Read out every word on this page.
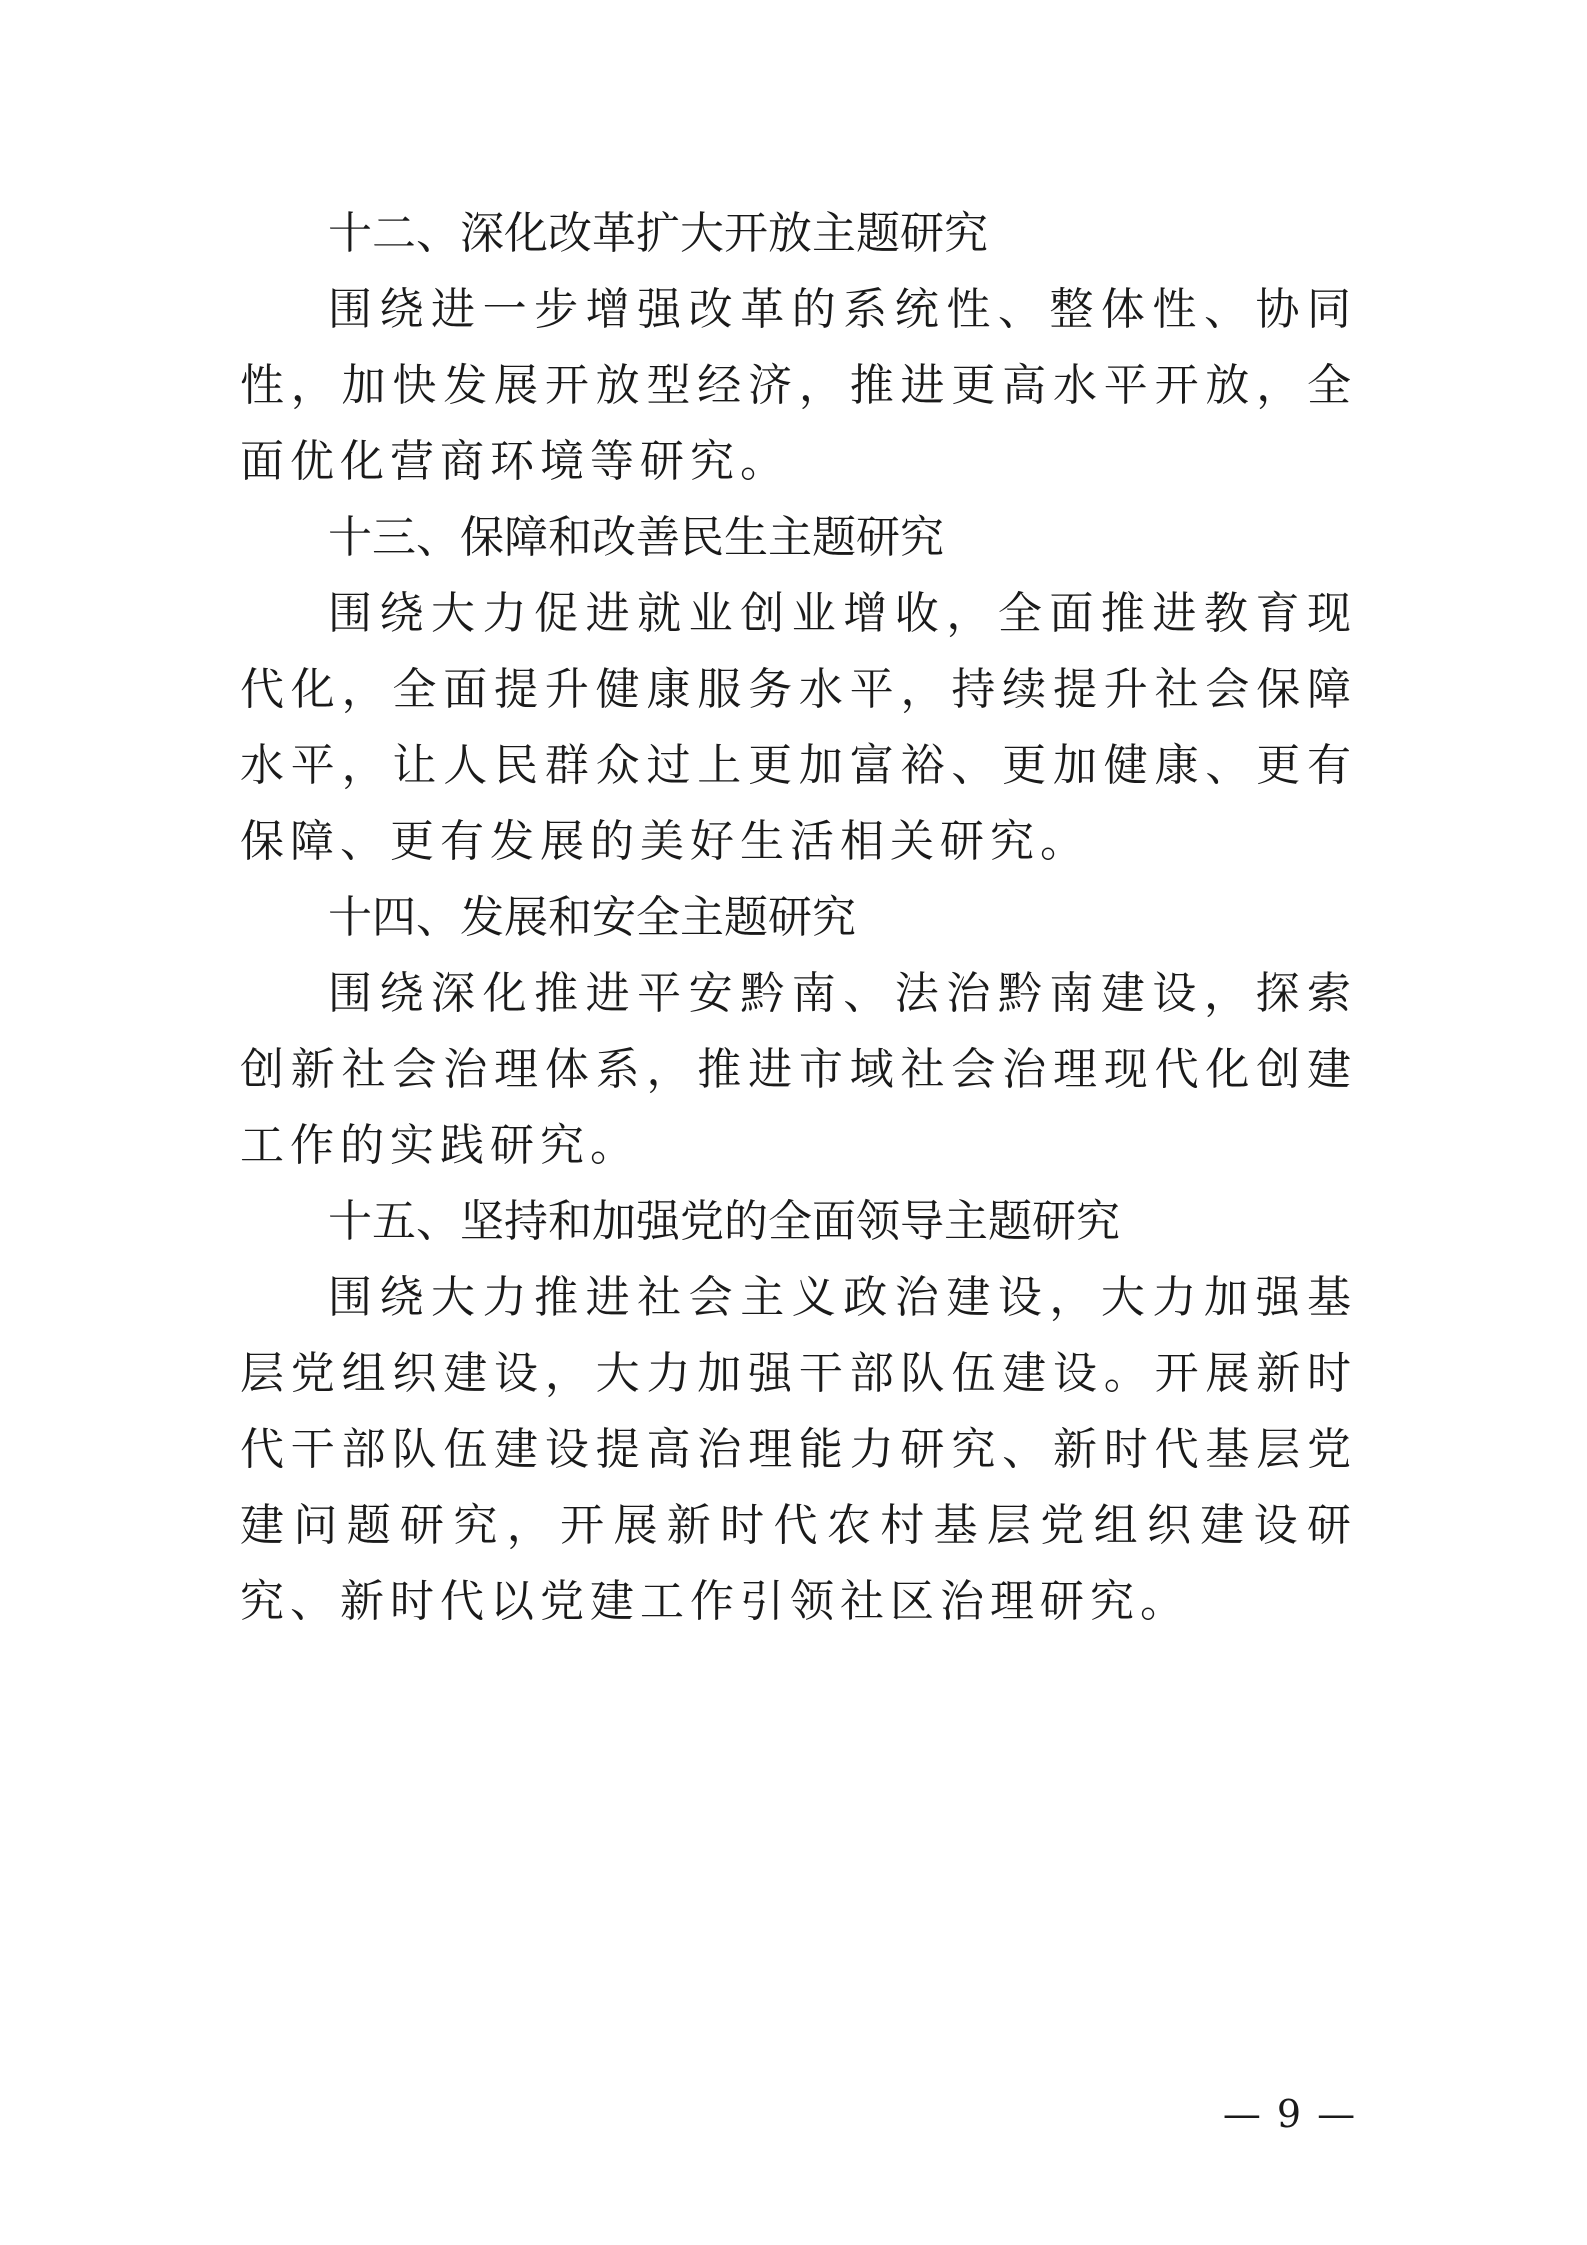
十二、深化改革扩大开放主题研究

围绕进一步增强改革的系统性、整体性、协同性，加快发展开放型经济，推进更高水平开放，全面优化营商环境等研究。

十三、保障和改善民生主题研究

围绕大力促进就业创业增收，全面推进教育现代化，全面提升健康服务水平，持续提升社会保障水平，让人民群众过上更加富裕、更加健康、更有保障、更有发展的美好生活相关研究。

十四、发展和安全主题研究

围绕深化推进平安黔南、法治黔南建设，探索创新社会治理体系，推进市域社会治理现代化创建工作的实践研究。

十五、坚持和加强党的全面领导主题研究

围绕大力推进社会主义政治建设，大力加强基层党组织建设，大力加强干部队伍建设。开展新时代干部队伍建设提高治理能力研究、新时代基层党建问题研究，开展新时代农村基层党组织建设研究、新时代以党建工作引领社区治理研究。

— 9 —
